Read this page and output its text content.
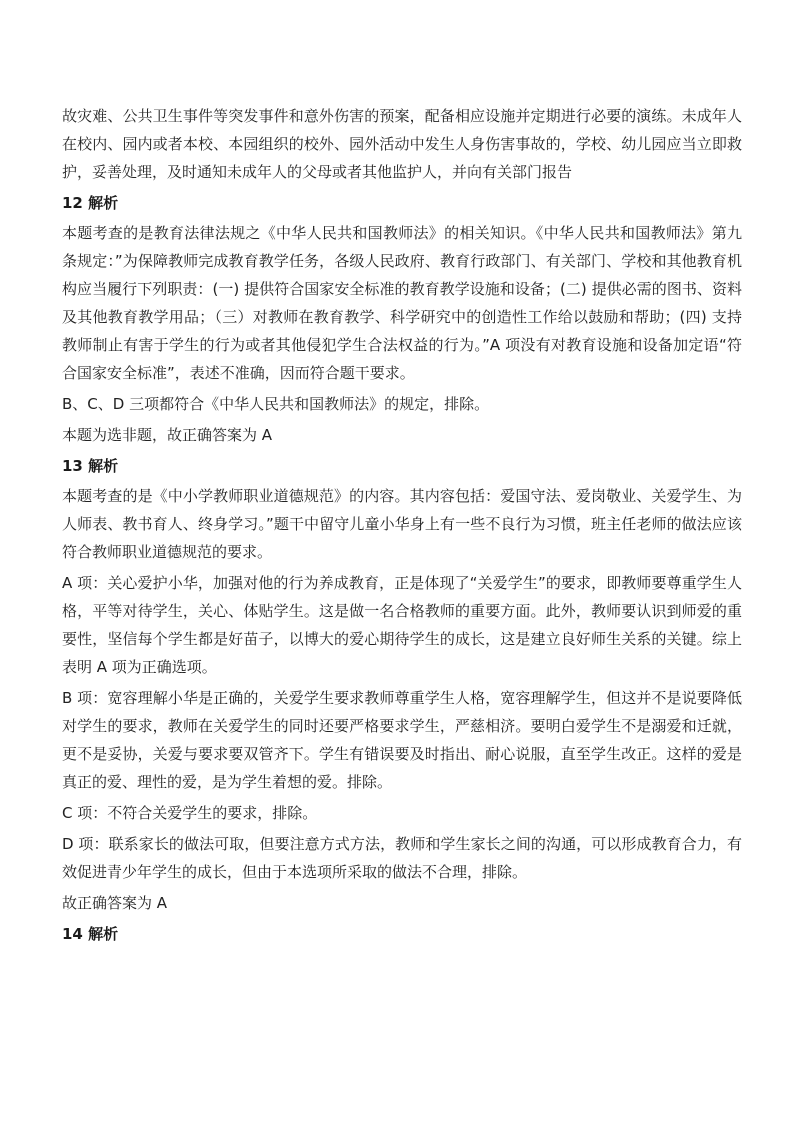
故灾难、公共卫生事件等突发事件和意外伤害的预案，配备相应设施并定期进行必要的演练。未成年人在校内、园内或者本校、本园组织的校外、园外活动中发生人身伤害事故的，学校、幼儿园应当立即救护，妥善处理，及时通知未成年人的父母或者其他监护人，并向有关部门报告

12 解析

本题考查的是教育法律法规之《中华人民共和国教师法》的相关知识。《中华人民共和国教师法》第九条规定：”为保障教师完成教育教学任务，各级人民政府、教育行政部门、有关部门、学校和其他教育机构应当履行下列职责：(一) 提供符合国家安全标准的教育教学设施和设备；(二) 提供必需的图书、资料及其他教育教学用品；（三）对教师在教育教学、科学研究中的创造性工作给以鼓励和帮助；(四) 支持教师制止有害于学生的行为或者其他侵犯学生合法权益的行为。”A 项没有对教育设施和设备加定语“符合国家安全标准”，表述不准确，因而符合题干要求。

B、C、D 三项都符合《中华人民共和国教师法》的规定，排除。

本题为选非题，故正确答案为 A

13 解析

本题考查的是《中小学教师职业道德规范》的内容。其内容包括：爱国守法、爱岗敬业、关爱学生、为人师表、教书育人、终身学习。”题干中留守儿童小华身上有一些不良行为习惯，班主任老师的做法应该符合教师职业道德规范的要求。

A 项：关心爱护小华，加强对他的行为养成教育，正是体现了“关爱学生”的要求，即教师要尊重学生人格，平等对待学生，关心、体贴学生。这是做一名合格教师的重要方面。此外，教师要认识到师爱的重要性，坚信每个学生都是好苗子，以博大的爱心期待学生的成长，这是建立良好师生关系的关键。综上表明 A 项为正确选项。

B 项：宽容理解小华是正确的，关爱学生要求教师尊重学生人格，宽容理解学生，但这并不是说要降低对学生的要求，教师在关爱学生的同时还要严格要求学生，严慈相济。要明白爱学生不是溺爱和迁就，更不是妥协，关爱与要求要双管齐下。学生有错误要及时指出、耐心说服，直至学生改正。这样的爱是真正的爱、理性的爱，是为学生着想的爱。排除。

C 项：不符合关爱学生的要求，排除。

D 项：联系家长的做法可取，但要注意方式方法，教师和学生家长之间的沟通，可以形成教育合力，有效促进青少年学生的成长，但由于本选项所采取的做法不合理，排除。

故正确答案为 A

14 解析
